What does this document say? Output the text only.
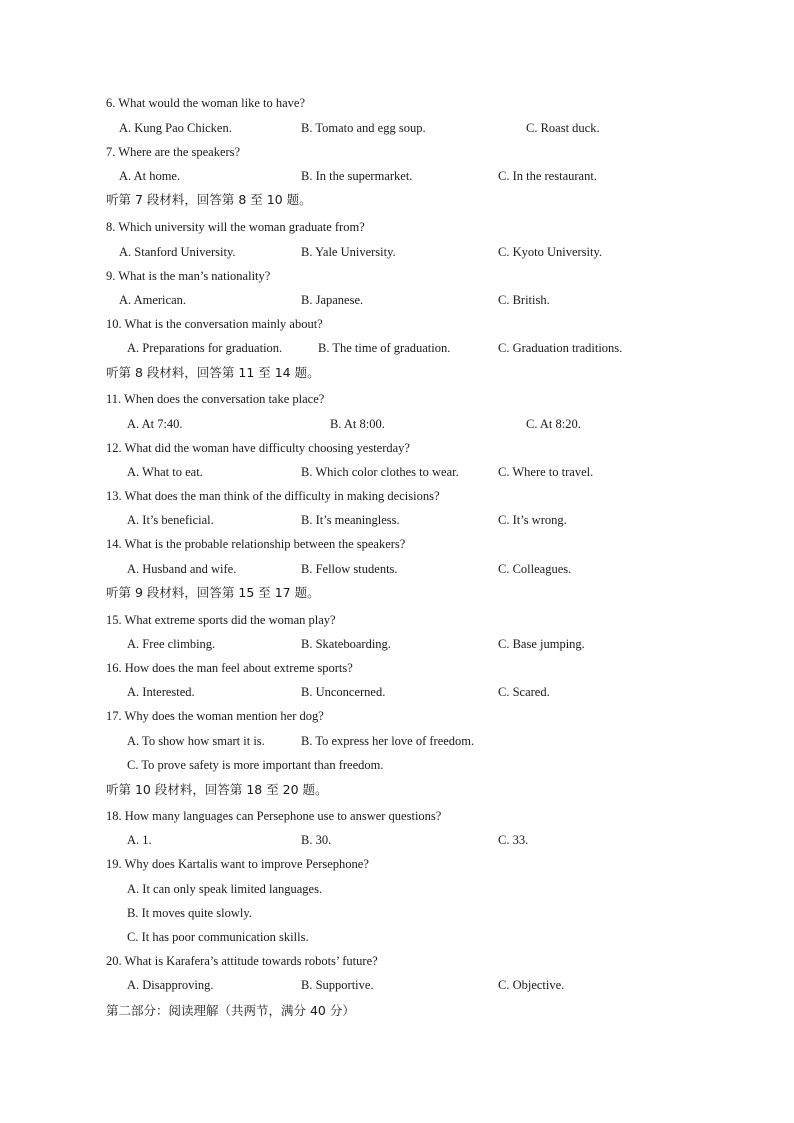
6. What would the woman like to have?
A. Kung Pao Chicken.	B. Tomato and egg soup.	C. Roast duck.
7. Where are the speakers?
A. At home.	B. In the supermarket.	C. In the restaurant.
听第 7 段材料，回答第 8 至 10 题。
8. Which university will the woman graduate from?
A. Stanford University.	B. Yale University.	C. Kyoto University.
9. What is the man’s nationality?
A. American.	B. Japanese.	C. British.
10. What is the conversation mainly about?
A. Preparations for graduation.	B. The time of graduation.	C. Graduation traditions.
听第 8 段材料，回答第 11 至 14 题。
11. When does the conversation take place?
A. At 7:40.	B. At 8:00.	C. At 8:20.
12. What did the woman have difficulty choosing yesterday?
A. What to eat.	B. Which color clothes to wear.	C. Where to travel.
13. What does the man think of the difficulty in making decisions?
A. It’s beneficial.	B. It’s meaningless.	C. It’s wrong.
14. What is the probable relationship between the speakers?
A. Husband and wife.	B. Fellow students.	C. Colleagues.
听第 9 段材料，回答第 15 至 17 题。
15. What extreme sports did the woman play?
A. Free climbing.	B. Skateboarding.	C. Base jumping.
16. How does the man feel about extreme sports?
A. Interested.	B. Unconcerned.	C. Scared.
17. Why does the woman mention her dog?
A. To show how smart it is.	B. To express her love of freedom.
C. To prove safety is more important than freedom.
听第 10 段材料，回答第 18 至 20 题。
18. How many languages can Persephone use to answer questions?
A. 1.	B. 30.	C. 33.
19. Why does Kartalis want to improve Persephone?
A. It can only speak limited languages.
B. It moves quite slowly.
C. It has poor communication skills.
20. What is Karafera’s attitude towards robots’ future?
A. Disapproving.	B. Supportive.	C. Objective.
第二部分：阅读理解（共两节，满分 40 分）
